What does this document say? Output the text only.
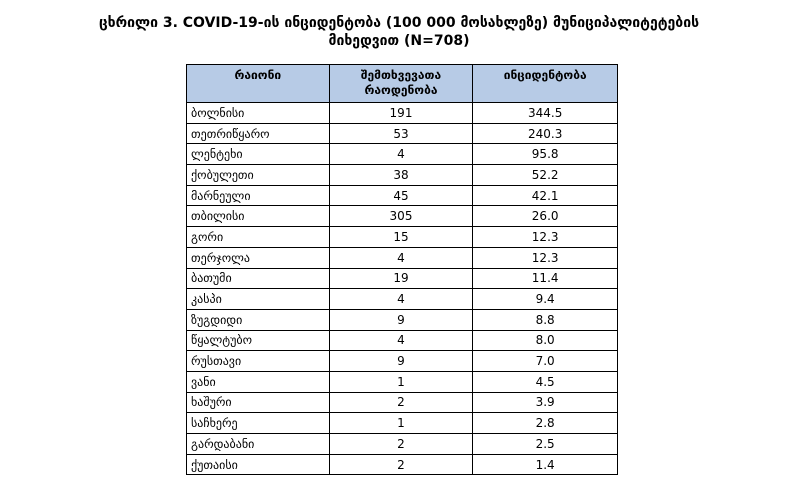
ცხრილი 3. COVID-19-ის ინციდენტობა (100 000 მოსახლეზე) მუნიციპალიტეტების
მიხედვით (N=708)
რაიონი	შემთხვევათა რაოდენობა	ინციდენტობა
ბოლნისი	191	344.5
თეთრიწყარო	53	240.3
ლენტეხი	4	95.8
ქობულეთი	38	52.2
მარნეული	45	42.1
თბილისი	305	26.0
გორი	15	12.3
თერჯოლა	4	12.3
ბათუმი	19	11.4
კასპი	4	9.4
ზუგდიდი	9	8.8
წყალტუბო	4	8.0
რუსთავი	9	7.0
ვანი	1	4.5
ხაშური	2	3.9
საჩხერე	1	2.8
გარდაბანი	2	2.5
ქუთაისი	2	1.4
